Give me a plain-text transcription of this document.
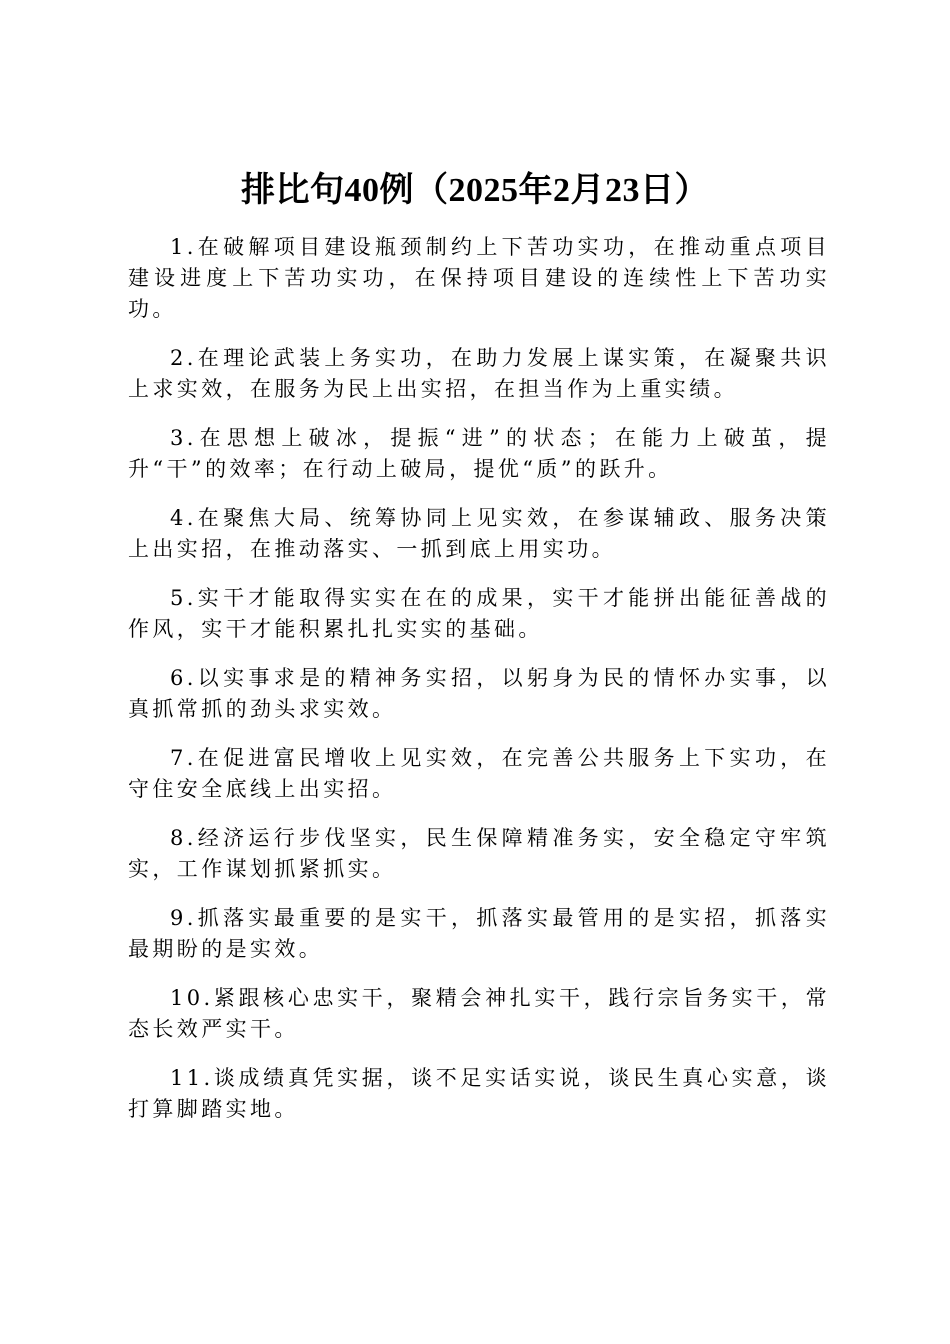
排比句40例（2025年2月23日）

1.在破解项目建设瓶颈制约上下苦功实功，在推动重点项目建设进度上下苦功实功，在保持项目建设的连续性上下苦功实功。

2.在理论武装上务实功，在助力发展上谋实策，在凝聚共识上求实效，在服务为民上出实招，在担当作为上重实绩。

3.在思想上破冰，提振“进”的状态；在能力上破茧，提升“干”的效率；在行动上破局，提优“质”的跃升。

4.在聚焦大局、统筹协同上见实效，在参谋辅政、服务决策上出实招，在推动落实、一抓到底上用实功。

5.实干才能取得实实在在的成果，实干才能拼出能征善战的作风，实干才能积累扎扎实实的基础。

6.以实事求是的精神务实招，以躬身为民的情怀办实事，以真抓常抓的劲头求实效。

7.在促进富民增收上见实效，在完善公共服务上下实功，在守住安全底线上出实招。

8.经济运行步伐坚实，民生保障精准务实，安全稳定守牢筑实，工作谋划抓紧抓实。

9.抓落实最重要的是实干，抓落实最管用的是实招，抓落实最期盼的是实效。

10.紧跟核心忠实干，聚精会神扎实干，践行宗旨务实干，常态长效严实干。

11.谈成绩真凭实据，谈不足实话实说，谈民生真心实意，谈打算脚踏实地。
